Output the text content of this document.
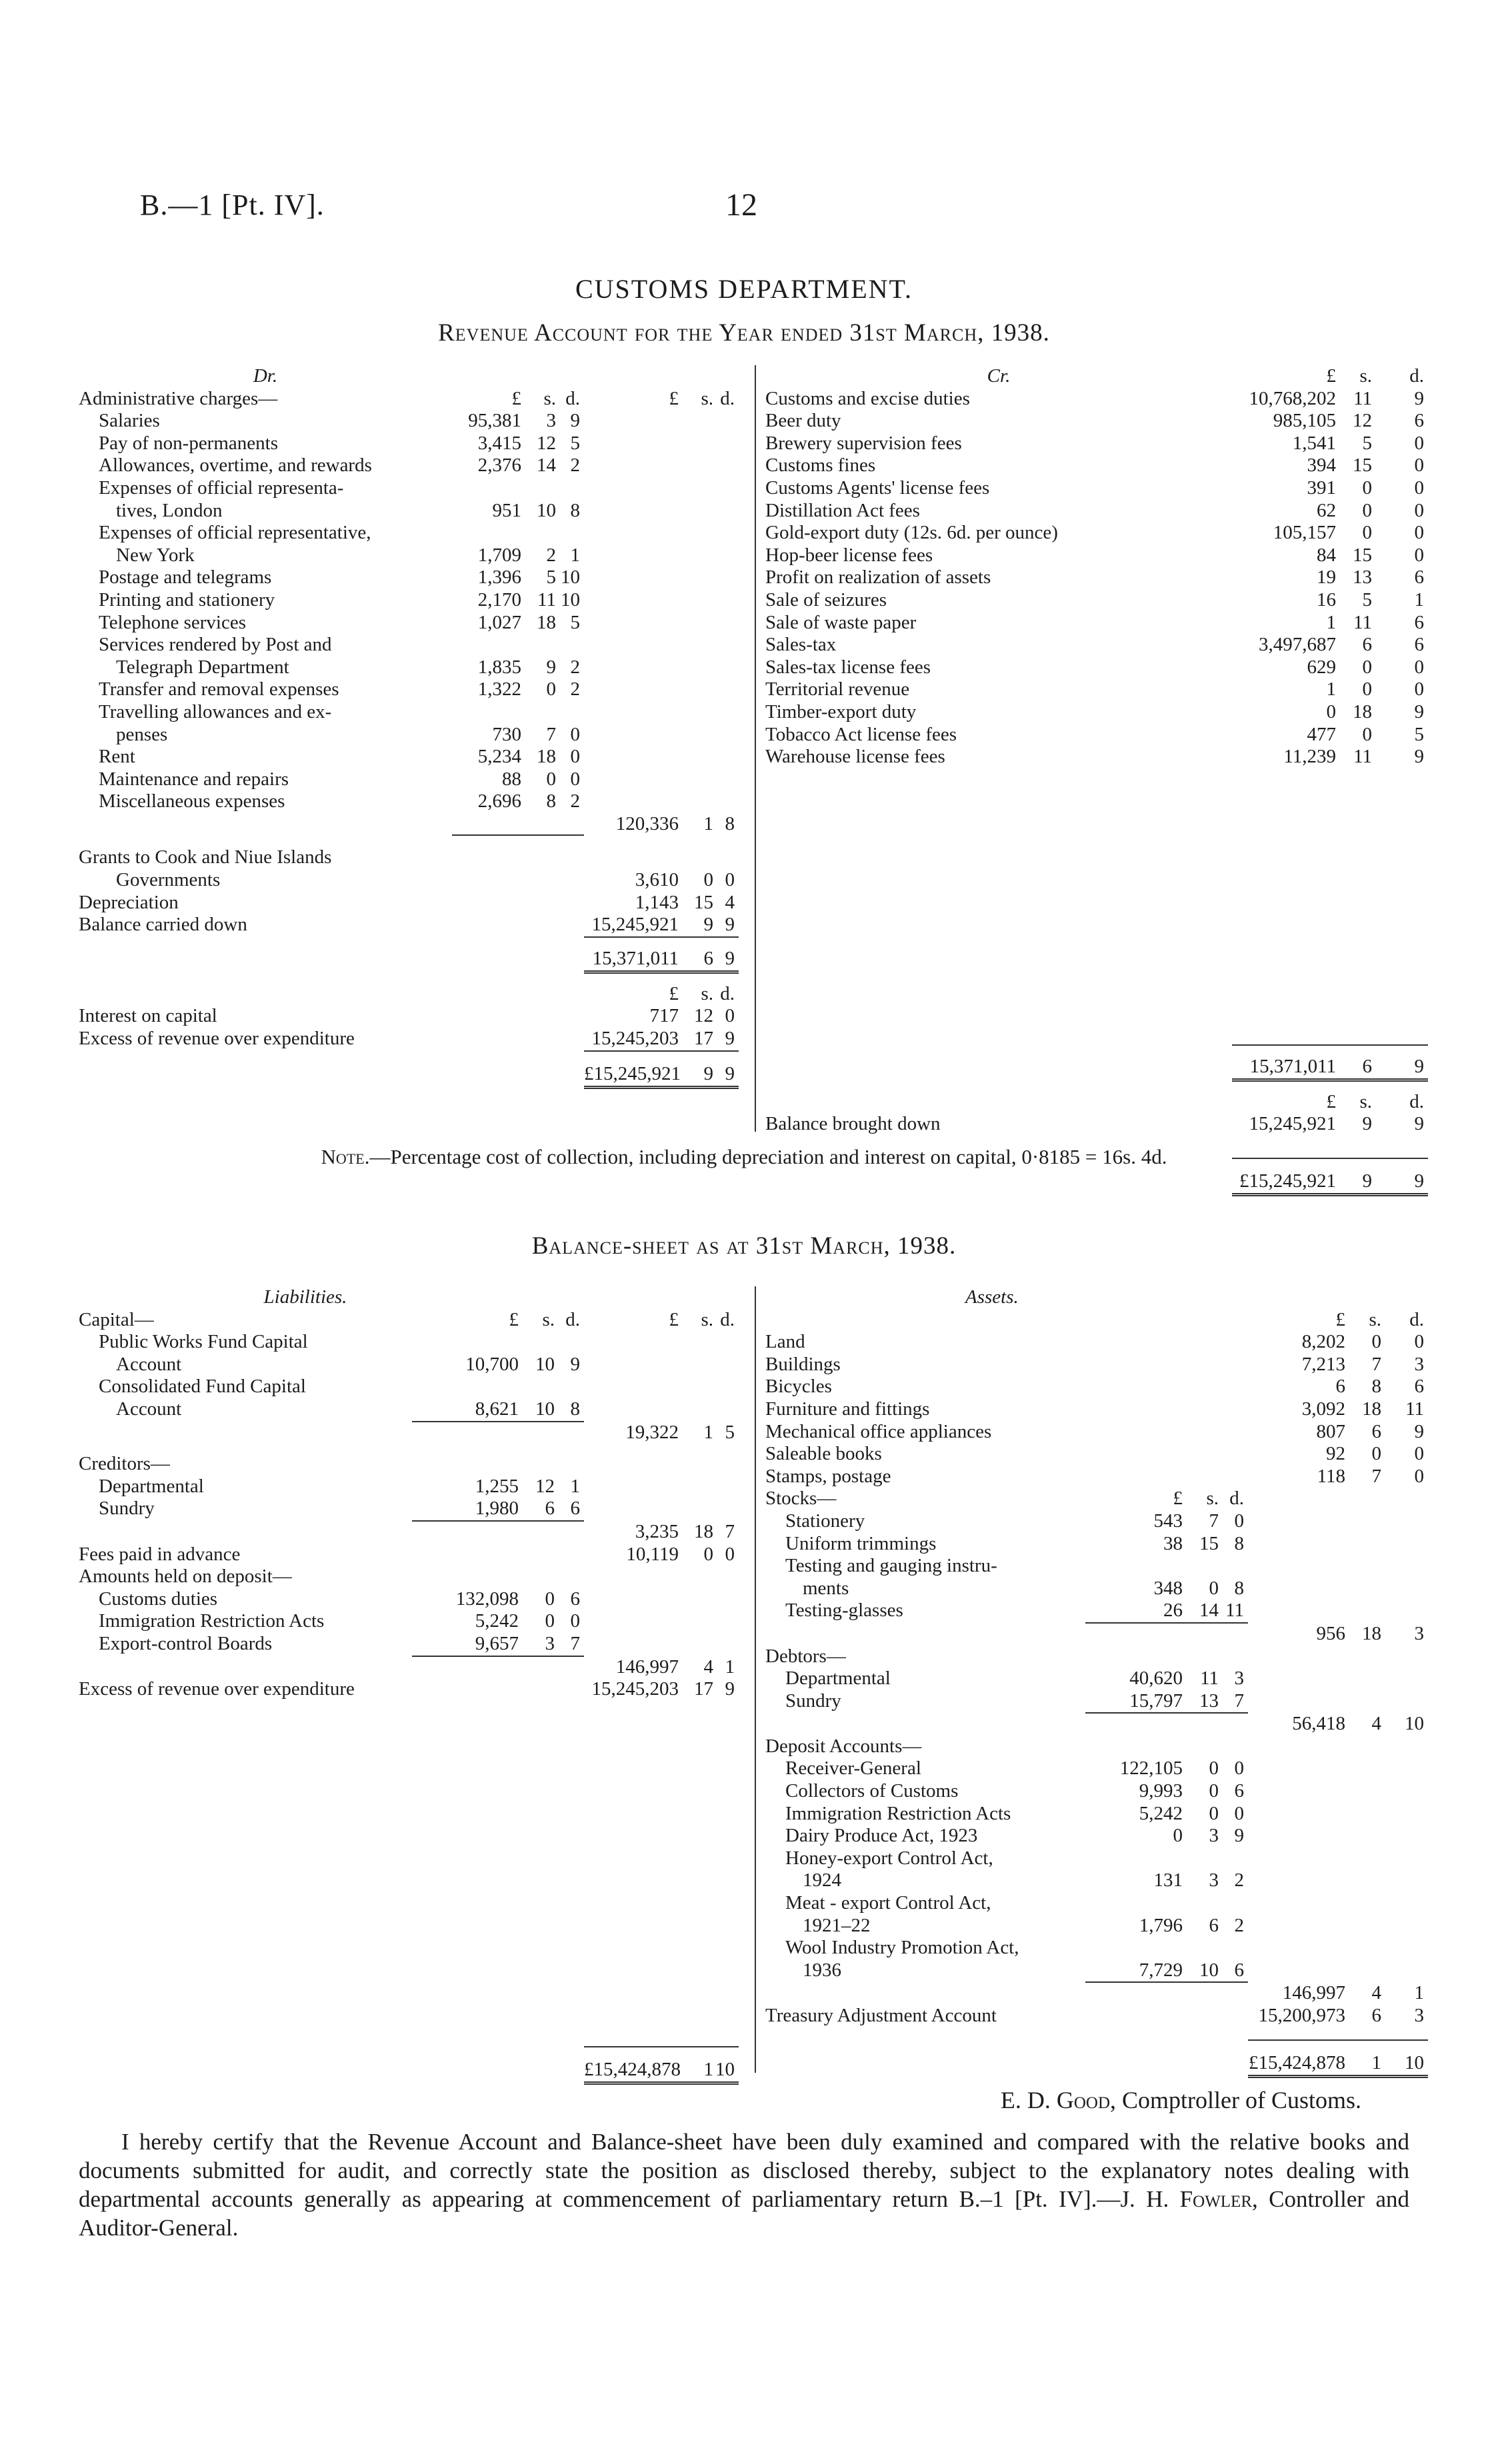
B.—1 [Pt. IV].	12
CUSTOMS DEPARTMENT.
Revenue Account for the Year ended 31st March, 1938.
Dr.						
Administrative charges—	£	s.	d.	£	s.	d.
Salaries	95,381	3	9			
Pay of non-permanents	3,415	12	5			
Allowances, overtime, and rewards	2,376	14	2			
Expenses of official representa-						
tives, London	951	10	8			
Expenses of official representative,						
New York	1,709	2	1			
Postage and telegrams	1,396	5	10			
Printing and stationery	2,170	11	10			
Telephone services	1,027	18	5			
Services rendered by Post and						
Telegraph Department	1,835	9	2			
Transfer and removal expenses	1,322	0	2			
Travelling allowances and ex-						
penses	730	7	0			
Rent	5,234	18	0			
Maintenance and repairs	88	0	0			
Miscellaneous expenses	2,696	8	2			
				120,336	1	8

Grants to Cook and Niue Islands						
Governments				3,610	0	0
Depreciation				1,143	15	4
Balance carried down				15,245,921	9	9

				15,371,011	6	9

				£	s.	d.
Interest on capital				717	12	0
Excess of revenue over expenditure				15,245,203	17	9

				£15,245,921	9	9

Cr.	£	s.	d.
Customs and excise duties	10,768,202	11	9
Beer duty	985,105	12	6
Brewery supervision fees	1,541	5	0
Customs fines	394	15	0
Customs Agents' license fees	391	0	0
Distillation Act fees	62	0	0
Gold-export duty (12s. 6d. per ounce)	105,157	0	0
Hop-beer license fees	84	15	0
Profit on realization of assets	19	13	6
Sale of seizures	16	5	1
Sale of waste paper	1	11	6
Sales-tax	3,497,687	6	6
Sales-tax license fees	629	0	0
Territorial revenue	1	0	0
Timber-export duty	0	18	9
Tobacco Act license fees	477	0	5
Warehouse license fees	11,239	11	9

	15,371,011	6	9

	£	s.	d.
Balance brought down	15,245,921	9	9

	£15,245,921	9	9

Note.—Percentage cost of collection, including depreciation and interest on capital, 0·8185 = 16s. 4d.
Balance-sheet as at 31st March, 1938.
Liabilities.						
Capital—	£	s.	d.	£	s.	d.
Public Works Fund Capital						
Account	10,700	10	9			
Consolidated Fund Capital						
Account	8,621	10	8			

				19,322	1	5

Creditors—						
Departmental	1,255	12	1			
Sundry	1,980	6	6			

				3,235	18	7
Fees paid in advance				10,119	0	0
Amounts held on deposit—						
Customs duties	132,098	0	6			
Immigration Restriction Acts	5,242	0	0			
Export-control Boards	9,657	3	7			

				146,997	4	1
Excess of revenue over expenditure				15,245,203	17	9

				£15,424,878	1	10

Assets.						
				£	s.	d.
Land				8,202	0	0
Buildings				7,213	7	3
Bicycles				6	8	6
Furniture and fittings				3,092	18	11
Mechanical office appliances				807	6	9
Saleable books				92	0	0
Stamps, postage				118	7	0
Stocks—	£	s.	d.			
Stationery	543	7	0			
Uniform trimmings	38	15	8			
Testing and gauging instru-						
ments	348	0	8			
Testing-glasses	26	14	11			

				956	18	3
Debtors—						
Departmental	40,620	11	3			
Sundry	15,797	13	7			

				56,418	4	10
Deposit Accounts—						
Receiver-General	122,105	0	0			
Collectors of Customs	9,993	0	6			
Immigration Restriction Acts	5,242	0	0			
Dairy Produce Act, 1923	0	3	9			
Honey-export Control Act,						
1924	131	3	2			
Meat - export Control Act,						
1921–22	1,796	6	2			
Wool Industry Promotion Act,						
1936	7,729	10	6			

				146,997	4	1
Treasury Adjustment Account				15,200,973	6	3

				£15,424,878	1	10

E. D. Good, Comptroller of Customs.
I hereby certify that the Revenue Account and Balance-sheet have been duly examined and compared with the relative books and documents submitted for audit, and correctly state the position as disclosed thereby, subject to the explanatory notes dealing with departmental accounts generally as appearing at commencement of parliamentary return B.–1 [Pt. IV].—J. H. Fowler, Controller and Auditor-General.
